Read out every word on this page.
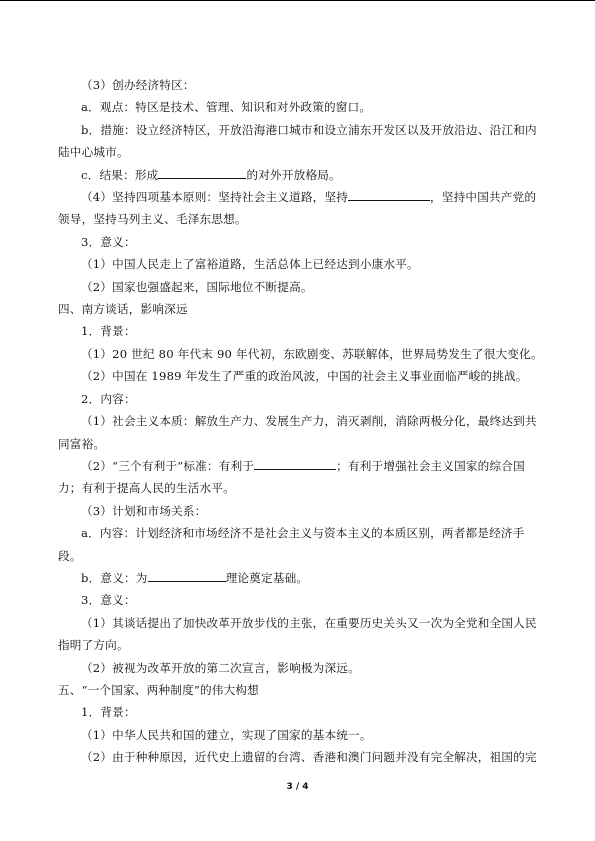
（3）创办经济特区：
a．观点：特区是技术、管理、知识和对外政策的窗口。
b．措施：设立经济特区，开放沿海港口城市和设立浦东开发区以及开放沿边、沿江和内
陆中心城市。
c．结果：形成	的对外开放格局。
（4）坚持四项基本原则：坚持社会主义道路，坚持	，坚持中国共产党的
领导，坚持马列主义、毛泽东思想。
3．意义：
（1）中国人民走上了富裕道路，生活总体上已经达到小康水平。
（2）国家也强盛起来，国际地位不断提高。
四、南方谈话，影响深远
1．背景：
（1）20 世纪 80 年代末 90 年代初，东欧剧变、苏联解体，世界局势发生了很大变化。
（2）中国在 1989 年发生了严重的政治风波，中国的社会主义事业面临严峻的挑战。
2．内容：
（1）社会主义本质：解放生产力、发展生产力，消灭剥削，消除两极分化，最终达到共
同富裕。
（2）“三个有利于”标准：有利于	；有利于增强社会主义国家的综合国
力；有利于提高人民的生活水平。
（3）计划和市场关系：
a．内容：计划经济和市场经济不是社会主义与资本主义的本质区别，两者都是经济手
段。
b．意义：为	理论奠定基础。
3．意义：
（1）其谈话提出了加快改革开放步伐的主张，在重要历史关头又一次为全党和全国人民
指明了方向。
（2）被视为改革开放的第二次宣言，影响极为深远。
五、“一个国家、两种制度”的伟大构想
1．背景：
（1）中华人民共和国的建立，实现了国家的基本统一。
（2）由于种种原因，近代史上遗留的台湾、香港和澳门问题并没有完全解决，祖国的完
3 / 4
